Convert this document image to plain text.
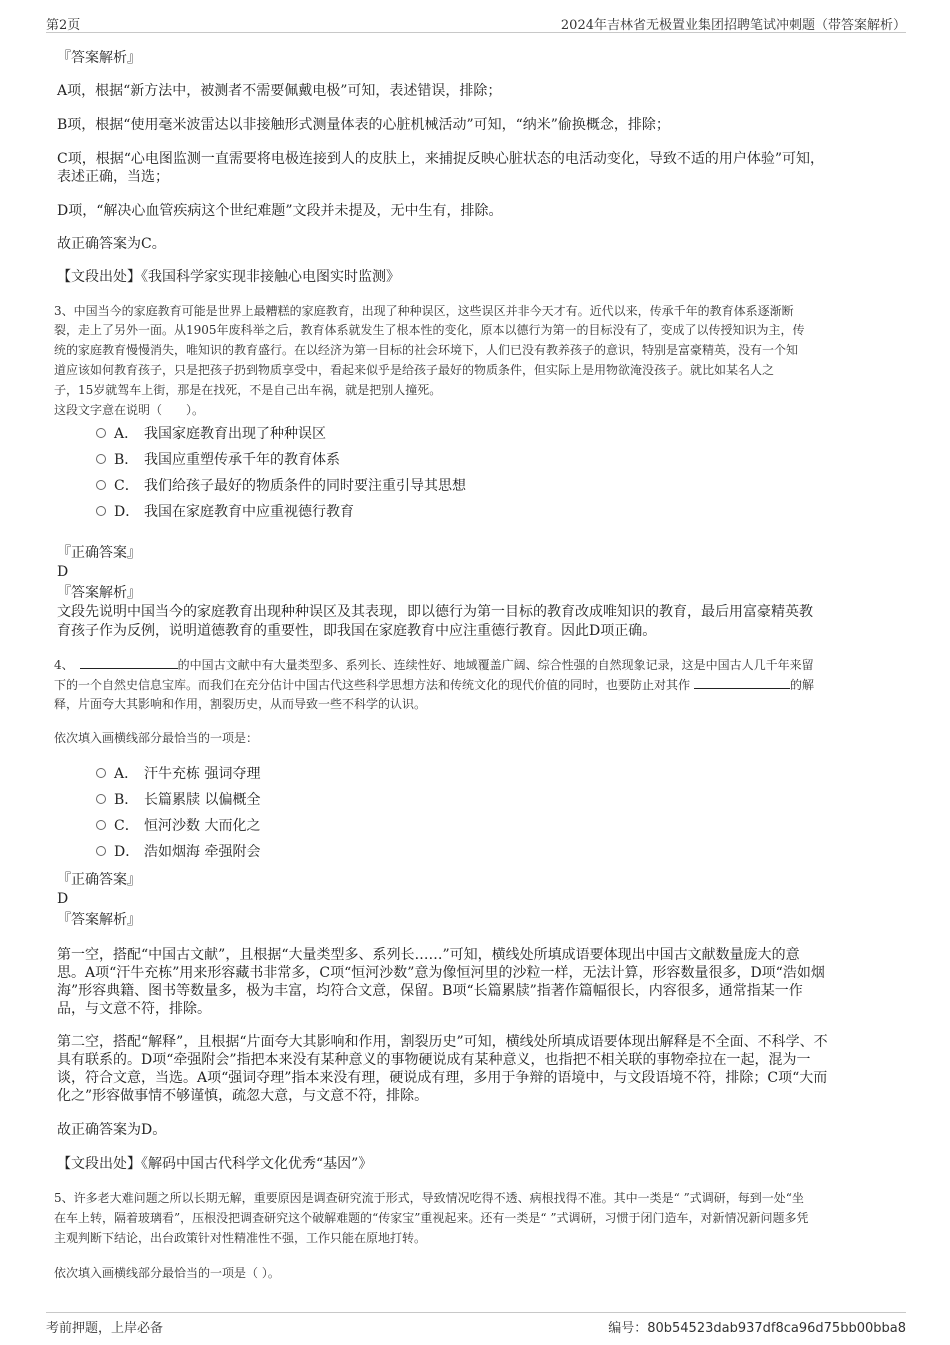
第2页	2024年吉林省无极置业集团招聘笔试冲刺题（带答案解析）
『答案解析』
A项，根据“新方法中，被测者不需要佩戴电极”可知，表述错误，排除；
B项，根据“使用毫米波雷达以非接触形式测量体表的心脏机械活动”可知，“纳米”偷换概念，排除；
C项，根据“心电图监测一直需要将电极连接到人的皮肤上，来捕捉反映心脏状态的电活动变化，导致不适的用户体验”可知，
表述正确，当选；
D项，“解决心血管疾病这个世纪难题”文段并未提及，无中生有，排除。
故正确答案为C。
【文段出处】《我国科学家实现非接触心电图实时监测》
3、中国当今的家庭教育可能是世界上最糟糕的家庭教育，出现了种种误区，这些误区并非今天才有。近代以来，传承千年的教育体系逐渐断
裂，走上了另外一面。从1905年废科举之后，教育体系就发生了根本性的变化，原本以德行为第一的目标没有了，变成了以传授知识为主，传
统的家庭教育慢慢消失，唯知识的教育盛行。在以经济为第一目标的社会环境下，人们已没有教养孩子的意识，特别是富豪精英，没有一个知
道应该如何教育孩子，只是把孩子扔到物质享受中，看起来似乎是给孩子最好的物质条件，但实际上是用物欲淹没孩子。就比如某名人之
子，15岁就驾车上街，那是在找死，不是自己出车祸，就是把别人撞死。
这段文字意在说明（　　）。
A． 我国家庭教育出现了种种误区
B． 我国应重塑传承千年的教育体系
C． 我们给孩子最好的物质条件的同时要注重引导其思想
D． 我国在家庭教育中应重视德行教育
『正确答案』
D
『答案解析』
文段先说明中国当今的家庭教育出现种种误区及其表现，即以德行为第一目标的教育改成唯知识的教育，最后用富豪精英教
育孩子作为反例，说明道德教育的重要性，即我国在家庭教育中应注重德行教育。因此D项正确。
4、	的中国古文献中有大量类型多、系列长、连续性好、地域覆盖广阔、综合性强的自然现象记录，这是中国古人几千年来留
下的一个自然史信息宝库。而我们在充分估计中国古代这些科学思想方法和传统文化的现代价值的同时，也要防止对其作	的解
释，片面夸大其影响和作用，割裂历史，从而导致一些不科学的认识。
依次填入画横线部分最恰当的一项是：
A． 汗牛充栋 强词夺理
B． 长篇累牍 以偏概全
C． 恒河沙数 大而化之
D． 浩如烟海 牵强附会
『正确答案』
D
『答案解析』
第一空，搭配“中国古文献”，且根据“大量类型多、系列长……”可知，横线处所填成语要体现出中国古文献数量庞大的意
思。A项“汗牛充栋”用来形容藏书非常多，C项“恒河沙数”意为像恒河里的沙粒一样，无法计算，形容数量很多，D项“浩如烟
海”形容典籍、图书等数量多，极为丰富，均符合文意，保留。B项“长篇累牍”指著作篇幅很长，内容很多，通常指某一作
品，与文意不符，排除。
第二空，搭配“解释”，且根据“片面夸大其影响和作用，割裂历史”可知，横线处所填成语要体现出解释是不全面、不科学、不
具有联系的。D项“牵强附会”指把本来没有某种意义的事物硬说成有某种意义，也指把不相关联的事物牵拉在一起，混为一
谈，符合文意，当选。A项“强词夺理”指本来没有理，硬说成有理，多用于争辩的语境中，与文段语境不符，排除；C项“大而
化之”形容做事情不够谨慎，疏忽大意，与文意不符，排除。
故正确答案为D。
【文段出处】《解码中国古代科学文化优秀“基因”》
5、许多老大难问题之所以长期无解，重要原因是调查研究流于形式，导致情况吃得不透、病根找得不准。其中一类是“ ”式调研，每到一处“坐
在车上转，隔着玻璃看”，压根没把调查研究这个破解难题的“传家宝”重视起来。还有一类是“ ”式调研，习惯于闭门造车，对新情况新问题多凭
主观判断下结论，出台政策针对性精准性不强，工作只能在原地打转。
依次填入画横线部分最恰当的一项是（ ）。
考前押题，上岸必备	编号：80b54523dab937df8ca96d75bb00bba8
